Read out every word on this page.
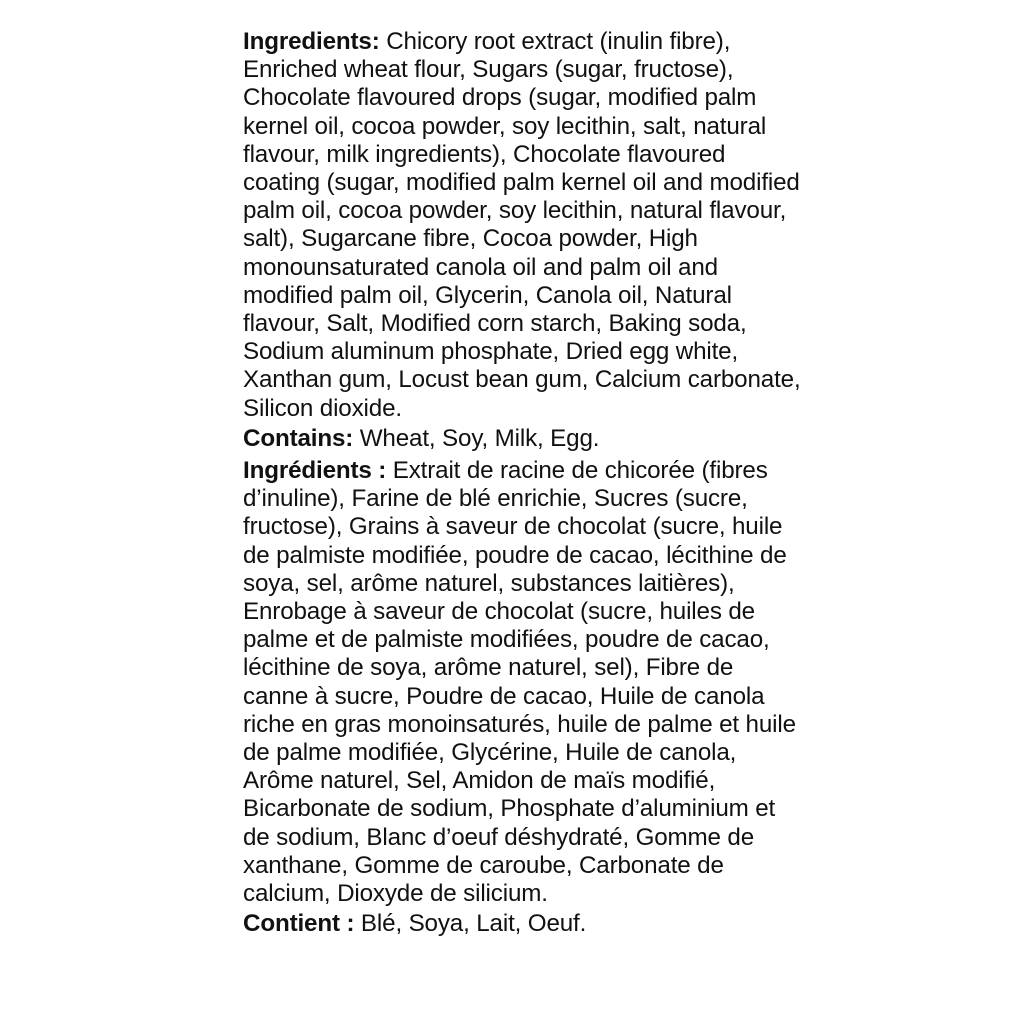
Ingredients: Chicory root extract (inulin fibre), Enriched wheat flour, Sugars (sugar, fructose), Chocolate flavoured drops (sugar, modified palm kernel oil, cocoa powder, soy lecithin, salt, natural flavour, milk ingredients), Chocolate flavoured coating (sugar, modified palm kernel oil and modified palm oil, cocoa powder, soy lecithin, natural flavour, salt), Sugarcane fibre, Cocoa powder, High monounsaturated canola oil and palm oil and modified palm oil, Glycerin, Canola oil, Natural flavour, Salt, Modified corn starch, Baking soda, Sodium aluminum phosphate, Dried egg white, Xanthan gum, Locust bean gum, Calcium carbonate, Silicon dioxide.

Contains: Wheat, Soy, Milk, Egg.

Ingrédients : Extrait de racine de chicorée (fibres d’inuline), Farine de blé enrichie, Sucres (sucre, fructose), Grains à saveur de chocolat (sucre, huile de palmiste modifiée, poudre de cacao, lécithine de soya, sel, arôme naturel, substances laitières), Enrobage à saveur de chocolat (sucre, huiles de palme et de palmiste modifiées, poudre de cacao, lécithine de soya, arôme naturel, sel), Fibre de canne à sucre, Poudre de cacao, Huile de canola riche en gras monoinsaturés, huile de palme et huile de palme modifiée, Glycérine, Huile de canola, Arôme naturel, Sel, Amidon de maïs modifié, Bicarbonate de sodium, Phosphate d’aluminium et de sodium, Blanc d’oeuf déshydraté, Gomme de xanthane, Gomme de caroube, Carbonate de calcium, Dioxyde de silicium.

Contient : Blé, Soya, Lait, Oeuf.
